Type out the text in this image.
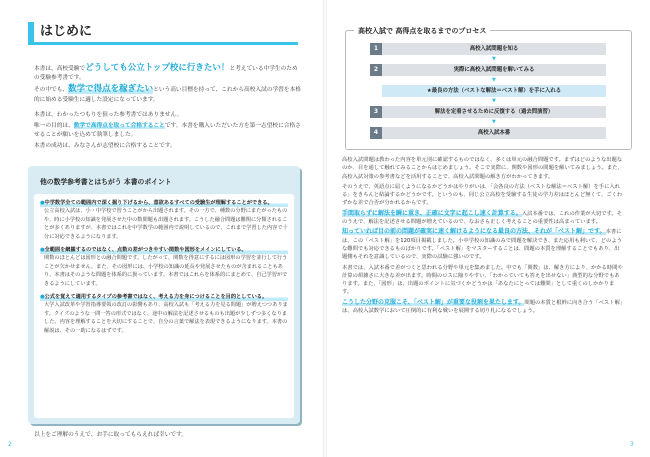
はじめに

本書は、高校受験でどうしても公立トップ校に行きたい！と考えている中学生のための受験参考書です。

その中でも、数学で得点を稼ぎたいという高い目標を持って、これから高校入試の学習を本格的に始める受験生に適した設定になっています。

本書は、わかったつもりを狙った参考書ではありません。

唯一の目的は、数学で高得点を取って合格することです。本書を購入いただいた方を第一志望校に合格させることが願いを込めて執筆しました。

本書の成功は、みなさんが志望校に合格することです。

他の数学参考書とはちがう 本書のポイント
●中学数学全ての範囲内で深く掘り下げるから、意欲あるすべての受験生が理解することができる。
公立高校入試は、小・中学校で習うことがから出題されます。その一方で、種数の分野にまたがったものや、時に小学校の知識を発展させた中の数問題も出題されます。こうした融合問題は難関に分類されることが多くありますが、本書ではこれを中学数学の範囲内で説明しているので、これまで学習した内容で十分に対応できるようになります。
●全範囲を網羅するのではなく、点数の差がつきやすい関数や図形をメインにしている。
関数のほとんどは図形との融合問題です。したがって、関数を得意にするには図形の学習を並行して行うことが欠かせません。また、その図形には、小学校の知識の延長や発展させたものが含まれることもあり、本書はそのような問題を体系的に扱っています。本書ではこれらを体系的にまとめて、自己学習ができるようにしています。
●公式を覚えて適用するタイプの参考書ではなく、考える力を身につけることを目的としている。
大学入試改革や学習指導要領の改訂の影響もあり、高校入試も「考える力を見る問題」が増えつつあります。クイズのような一問一答の形式ではなく、途中の解法を記述させるものも出題が少しずつ多くなりました。内容を理解することを大切にすることで、自分の言葉で解法を表現できるようになります。本書の解説は、その一助になるはずです。
以上をご理解のうえで、お手に取ってもらえれば幸いです。
2
高校入試で 高得点を取るまでのプロセス
1	高校入試問題を知る
▼
2	実際に高校入試問題を解いてみる
▼
★最良の方法（ベストな解法＝ベスト解）を手に入れる
▼
3	解法を定着させるために反復する（過去問演習）
▼
4	高校入試本番
3

高校入試問題は教わった内容を単元別に確認するものではなく、多くは単元の融合問題です。まずはどのような出題なのか、目を通して触れてみることからはじめましょう。そこで実際に、関数や図形の問題を解いてみましょう。また、高校入試対策の参考書などを活用することで、高校入試問題の解き方がわかってきます。

そのうえで、英語点に届くようになるかどうかはやりがいは、「会各良の方法（ベストな解法＝ベスト解）を手に入れる」をきちんと結論するかどうかです。というのも、同じ公立高校を受験する生徒の学力差はほとんど無くて、ごくわずかな差で合否が分かれるからです。

手間取らずに解法を瞬に重き、正確に文字に起こし速く計算する。入試本番では、これの作業が大切です。そのうえで、解法を記述させる問題が増えているので、なおさら正しく考えることの重要性は高まっています。

知っていれば目の前の問題が確実に速く解けるようになる最良の方法、それが「ベスト解」です。本書には、この「ベスト解」を120項目掲載しました。小中学校の知識のみで問題を解決でき、また応用も利いて、どのような難問でも対応できるものばかりです。「ベスト解」をマスターすることは、問題の本質を理解することでもあり、出題側もそれを意識しているので、実際の試験に強いのです。

本書では、入試本番で差がつくと思われる分野や単元を集めました。中でも「関数」は、解き方により、かかる時間や計算の煩雑さに大きな差が出ます。時間のロスに陥りやすい、「わかっていても答えを出せない」典型的な分野でもあります。また、「図形」は、出題のポイントに気づくかどうかは「あなたにとっては難問」として重くのしかかります。

こうした分野の克服こそ、「ベスト解」が重要な役割を果たします。問題の本質と根幹に向き合う「ベスト解」は、高校入試数学において圧倒的に有利な戦いを展開する切り札になるでしょう。
